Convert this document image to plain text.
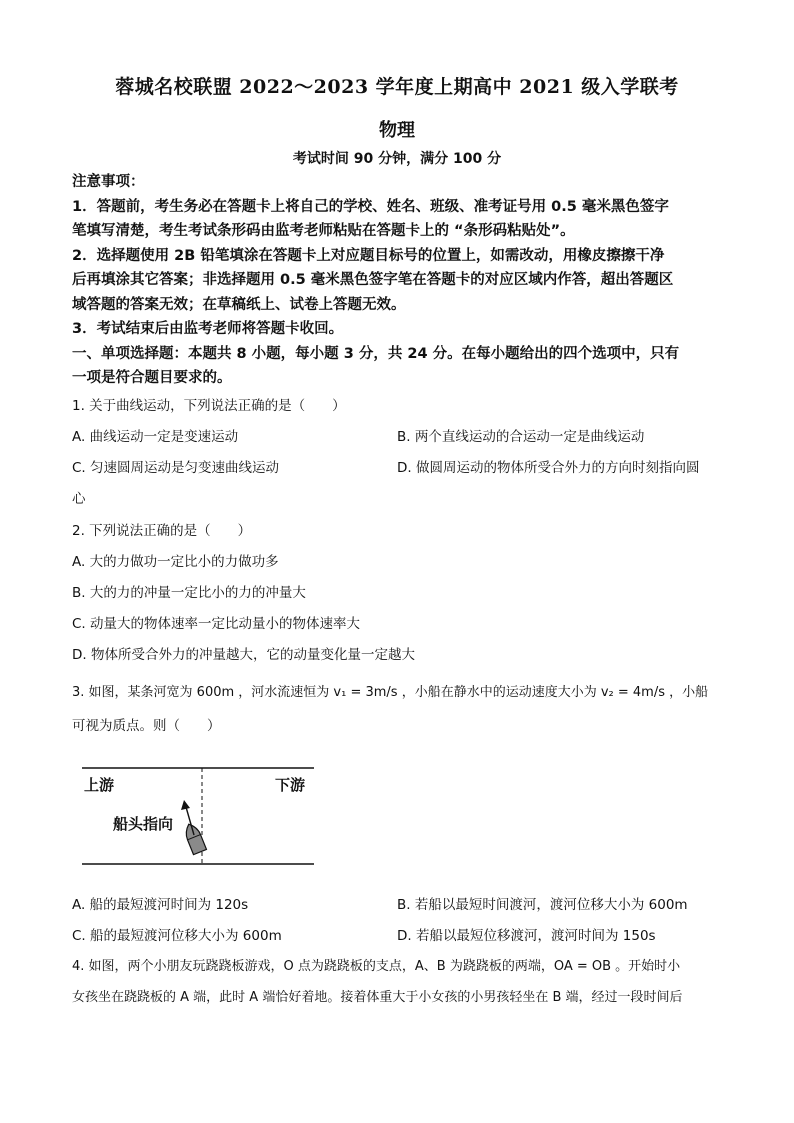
蓉城名校联盟 2022～2023 学年度上期高中 2021 级入学联考
物理
考试时间 90 分钟，满分 100 分
注意事项：
1．答题前，考生务必在答题卡上将自己的学校、姓名、班级、准考证号用 0.5 毫米黑色签字
笔填写清楚，考生考试条形码由监考老师粘贴在答题卡上的 “条形码粘贴处”。
2．选择题使用 2B 铅笔填涂在答题卡上对应题目标号的位置上，如需改动，用橡皮擦擦干净
后再填涂其它答案；非选择题用 0.5 毫米黑色签字笔在答题卡的对应区域内作答，超出答题区
域答题的答案无效；在草稿纸上、试卷上答题无效。
3．考试结束后由监考老师将答题卡收回。
一、单项选择题：本题共 8 小题，每小题 3 分，共 24 分。在每小题给出的四个选项中，只有
一项是符合题目要求的。
1. 关于曲线运动，下列说法正确的是（　　）
A. 曲线运动一定是变速运动	B. 两个直线运动的合运动一定是曲线运动
C. 匀速圆周运动是匀变速曲线运动	D. 做圆周运动的物体所受合外力的方向时刻指向圆
心
2. 下列说法正确的是（　　）
A. 大的力做功一定比小的力做功多
B. 大的力的冲量一定比小的力的冲量大
C. 动量大的物体速率一定比动量小的物体速率大
D. 物体所受合外力的冲量越大，它的动量变化量一定越大
3. 如图，某条河宽为 600m ，河水流速恒为 v₁ = 3m/s ，小船在静水中的运动速度大小为 v₂ = 4m/s ，小船
可视为质点。则（　　）
上游	下游
船头指向
A. 船的最短渡河时间为 120s	B. 若船以最短时间渡河，渡河位移大小为 600m
C. 船的最短渡河位移大小为 600m	D. 若船以最短位移渡河，渡河时间为 150s
4. 如图，两个小朋友玩跷跷板游戏，O 点为跷跷板的支点，A、B 为跷跷板的两端，OA = OB 。开始时小
女孩坐在跷跷板的 A 端，此时 A 端恰好着地。接着体重大于小女孩的小男孩轻坐在 B 端，经过一段时间后
